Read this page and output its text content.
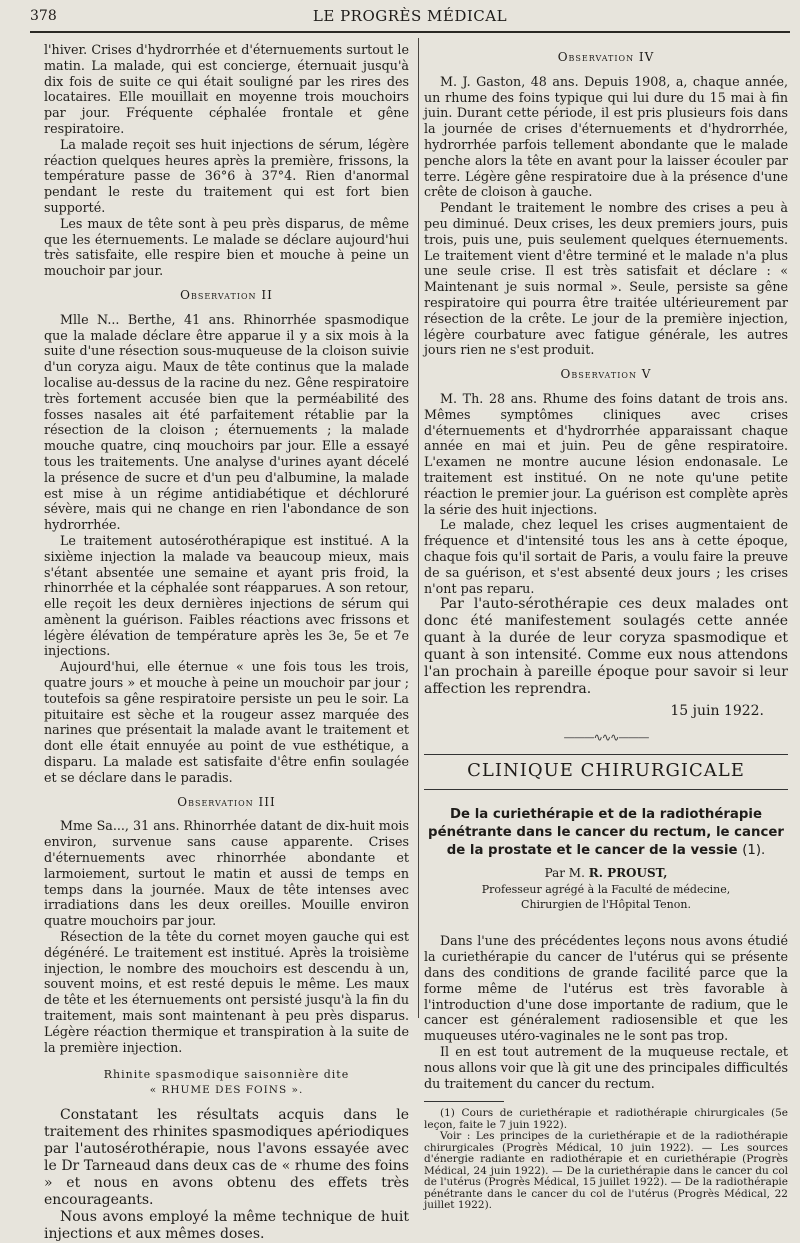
378	LE PROGRÈS MÉDICAL

l'hiver. Crises d'hydrorrhée et d'éternuements surtout le matin. La malade, qui est concierge, éternuait jusqu'à dix fois de suite ce qui était souligné par les rires des locataires. Elle mouillait en moyenne trois mouchoirs par jour. Fréquente céphalée frontale et gêne respiratoire.

La malade reçoit ses huit injections de sérum, légère réaction quelques heures après la première, frissons, la température passe de 36°6 à 37°4. Rien d'anormal pendant le reste du traitement qui est fort bien supporté.

Les maux de tête sont à peu près disparus, de même que les éternuements. Le malade se déclare aujourd'hui très satisfaite, elle respire bien et mouche à peine un mouchoir par jour.

Observation II

Mlle N... Berthe, 41 ans. Rhinorrhée spasmodique que la malade déclare être apparue il y a six mois à la suite d'une résection sous-muqueuse de la cloison suivie d'un coryza aigu. Maux de tête continus que la malade localise au-dessus de la racine du nez. Gêne respiratoire très fortement accusée bien que la perméabilité des fosses nasales ait été parfaitement rétablie par la résection de la cloison ; éternuements ; la malade mouche quatre, cinq mouchoirs par jour. Elle a essayé tous les traitements. Une analyse d'urines ayant décelé la présence de sucre et d'un peu d'albumine, la malade est mise à un régime antidiabétique et déchloruré sévère, mais qui ne change en rien l'abondance de son hydrorrhée.

Le traitement autosérothérapique est institué. A la sixième injection la malade va beaucoup mieux, mais s'étant absentée une semaine et ayant pris froid, la rhinorrhée et la céphalée sont réapparues. A son retour, elle reçoit les deux dernières injections de sérum qui amènent la guérison. Faibles réactions avec frissons et légère élévation de température après les 3e, 5e et 7e injections.

Aujourd'hui, elle éternue « une fois tous les trois, quatre jours » et mouche à peine un mouchoir par jour ; toutefois sa gêne respiratoire persiste un peu le soir. La pituitaire est sèche et la rougeur assez marquée des narines que présentait la malade avant le traitement et dont elle était ennuyée au point de vue esthétique, a disparu. La malade est satisfaite d'être enfin soulagée et se déclare dans le paradis.

Observation III

Mme Sa..., 31 ans. Rhinorrhée datant de dix-huit mois environ, survenue sans cause apparente. Crises d'éternuements avec rhinorrhée abondante et larmoiement, surtout le matin et aussi de temps en temps dans la journée. Maux de tête intenses avec irradiations dans les deux oreilles. Mouille environ quatre mouchoirs par jour.

Résection de la tête du cornet moyen gauche qui est dégénéré. Le traitement est institué. Après la troisième injection, le nombre des mouchoirs est descendu à un, souvent moins, et est resté depuis le même. Les maux de tête et les éternuements ont persisté jusqu'à la fin du traitement, mais sont maintenant à peu près disparus. Légère réaction thermique et transpiration à la suite de la première injection.

Rhinite spasmodique saisonnière dite
« RHUME DES FOINS ».

Constatant les résultats acquis dans le traitement des rhinites spasmodiques apériodiques par l'autosérothérapie, nous l'avons essayée avec le Dr Tarneaud dans deux cas de « rhume des foins » et nous en avons obtenu des effets très encourageants.

Nous avons employé la même technique de huit injections et aux mêmes doses.

Observation IV

M. J. Gaston, 48 ans. Depuis 1908, a, chaque année, un rhume des foins typique qui lui dure du 15 mai à fin juin. Durant cette période, il est pris plusieurs fois dans la journée de crises d'éternuements et d'hydrorrhée, hydrorrhée parfois tellement abondante que le malade penche alors la tête en avant pour la laisser écouler par terre. Légère gêne respiratoire due à la présence d'une crête de cloison à gauche.

Pendant le traitement le nombre des crises a peu à peu diminué. Deux crises, les deux premiers jours, puis trois, puis une, puis seulement quelques éternuements. Le traitement vient d'être terminé et le malade n'a plus une seule crise. Il est très satisfait et déclare : « Maintenant je suis normal ». Seule, persiste sa gêne respiratoire qui pourra être traitée ultérieurement par résection de la crête. Le jour de la première injection, légère courbature avec fatigue générale, les autres jours rien ne s'est produit.

Observation V

M. Th. 28 ans. Rhume des foins datant de trois ans. Mêmes symptômes cliniques avec crises d'éternuements et d'hydrorrhée apparaissant chaque année en mai et juin. Peu de gêne respiratoire. L'examen ne montre aucune lésion endonasale. Le traitement est institué. On ne note qu'une petite réaction le premier jour. La guérison est complète après la série des huit injections.

Le malade, chez lequel les crises augmentaient de fréquence et d'intensité tous les ans à cette époque, chaque fois qu'il sortait de Paris, a voulu faire la preuve de sa guérison, et s'est absenté deux jours ; les crises n'ont pas reparu.

Par l'auto-sérothérapie ces deux malades ont donc été manifestement soulagés cette année quant à la durée de leur coryza spasmodique et quant à son intensité. Comme eux nous attendons l'an prochain à pareille époque pour savoir si leur affection les reprendra.

15 juin 1922.
———∿∿∿———
CLINIQUE CHIRURGICALE
De la curiethérapie et de la radiothérapie pénétrante dans le cancer du rectum, le cancer de la prostate et le cancer de la vessie (1).
Par M. R. PROUST,
Professeur agrégé à la Faculté de médecine,
Chirurgien de l'Hôpital Tenon.

Dans l'une des précédentes leçons nous avons étudié la curiethérapie du cancer de l'utérus qui se présente dans des conditions de grande facilité parce que la forme même de l'utérus est très favorable à l'introduction d'une dose importante de radium, que le cancer est généralement radiosensible et que les muqueuses utéro-vaginales ne le sont pas trop.

Il en est tout autrement de la muqueuse rectale, et nous allons voir que là git une des principales difficultés du traitement du cancer du rectum.

(1) Cours de curiethérapie et radiothérapie chirurgicales (5e leçon, faite le 7 juin 1922).

Voir : Les principes de la curiethérapie et de la radiothérapie chirurgicales (Progrès Médical, 10 juin 1922). — Les sources d'énergie radiante en radiothérapie et en curiethérapie (Progrès Médical, 24 juin 1922). — De la curiethérapie dans le cancer du col de l'utérus (Progrès Médical, 15 juillet 1922). — De la radiothérapie pénétrante dans le cancer du col de l'utérus (Progrès Médical, 22 juillet 1922).
